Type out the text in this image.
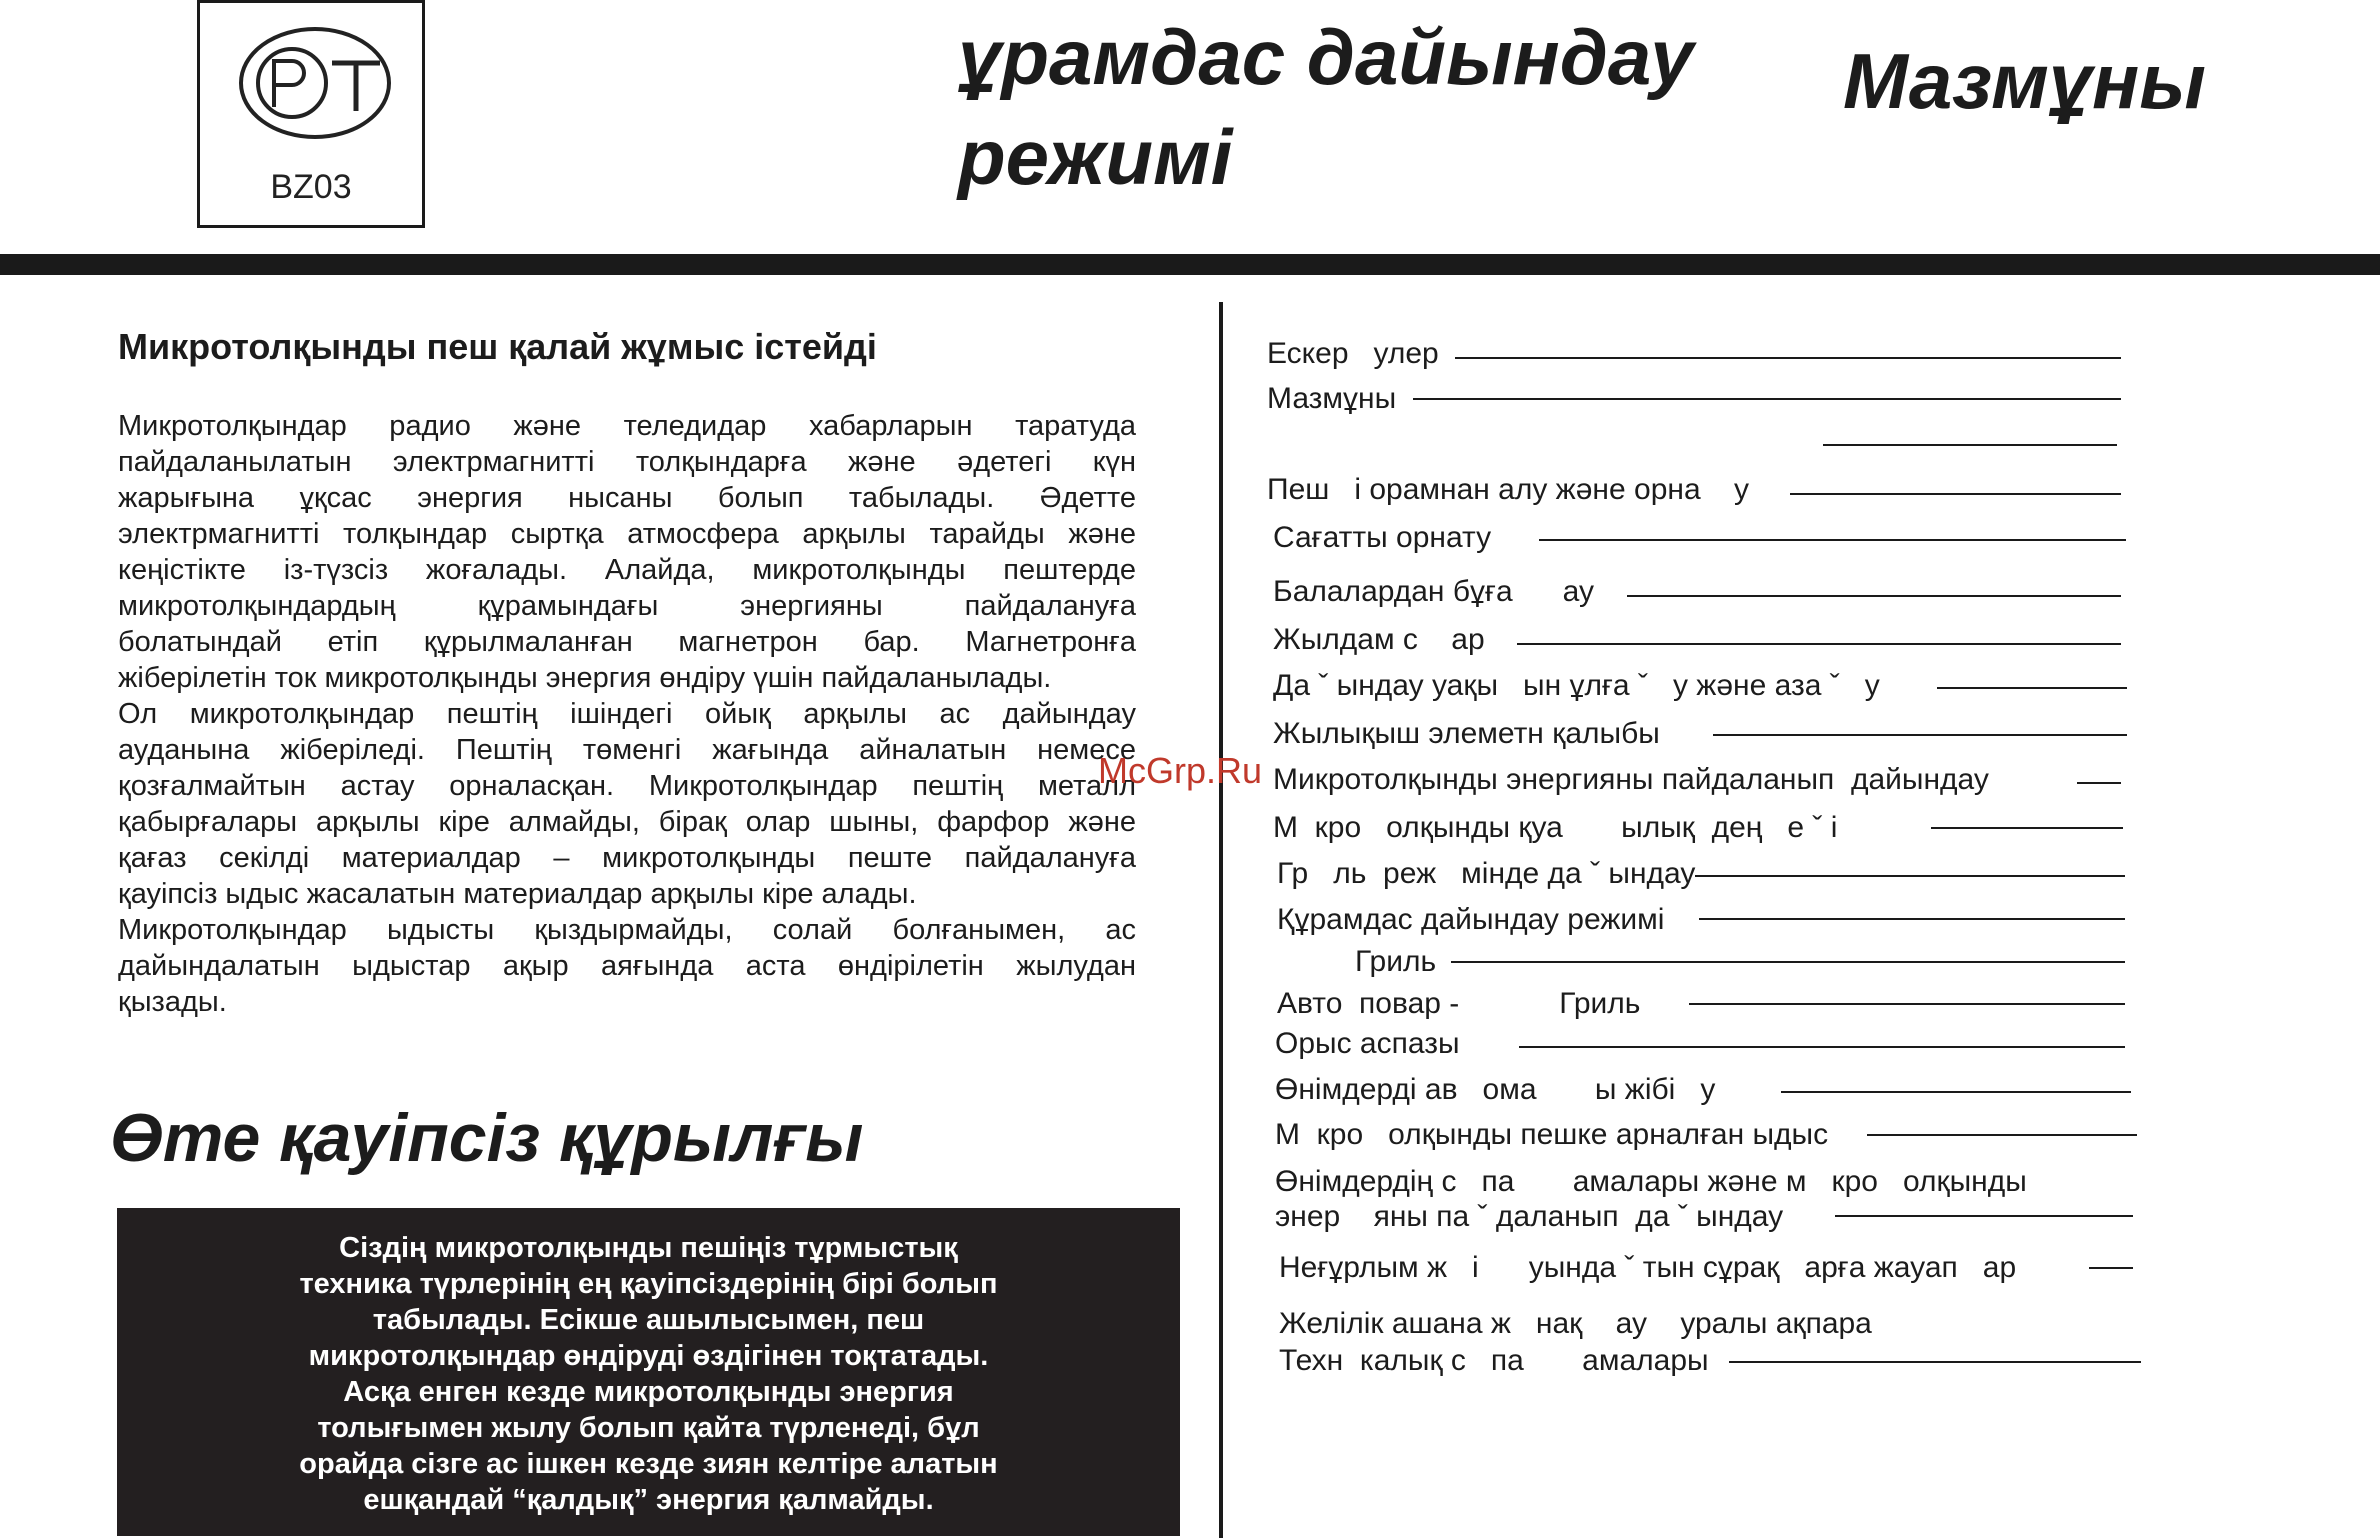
BZ03
ұрамдас дайындау
режимі
Мазмұны
Микротолқынды пеш қалай жұмыс істейді
Микротолқындар радио және теледидар хабарларын таратуда
пайдаланылатын электрмагнитті толқындарға және әдетегі күн
жарығына ұқсас энергия нысаны болып табылады. Әдетте
электрмагнитті толқындар сыртқа атмосфера арқылы тарайды және
кеңістікте із-түзсіз жоғалады. Алайда, микротолқынды пештерде
микротолқындардың құрамындағы энергияны пайдалануға
болатындай етіп құрылмаланған магнетрон бар. Магнетронға
жіберілетін ток микротолқынды энергия өндіру үшін пайдаланылады.
Ол микротолқындар пештің ішіндегі ойық арқылы ас дайындау
ауданына жіберіледі. Пештің төменгі жағында айналатын немесе
қозғалмайтын астау орналасқан. Микротолқындар пештің металл
қабырғалары арқылы кіре алмайды, бірақ олар шыны, фарфор және
қағаз секілді материалдар – микротолқынды пеште пайдалануға
қауіпсіз ыдыс жасалатын материалдар арқылы кіре алады.
Микротолқындар ыдысты қыздырмайды, солай болғанымен, ас
дайындалатын ыдыстар ақыр аяғында аста өндірілетін жылудан
қызады.
Өте қауіпсіз құрылғы
Сіздің микротолқынды пешіңіз тұрмыстық
техника түрлерінің ең қауіпсіздерінің бірі болып
табылады. Есікше ашылысымен, пеш
микротолқындар өндіруді өздігінен тоқтатады.
Асқа енген кезде микротолқынды энергия
толығымен жылу болып қайта түрленеді, бұл
орайда сізге ас ішкен кезде зиян келтіре алатын
ешқандай “қалдық” энергия қалмайды.
Ескер   улер
Мазмұны
Пеш   і орамнан алу және орна    у
Сағатты орнату
Балалардан бұға      ау
Жылдам с    ар
Да ˇ ындау уақы   ын ұлға ˇ   у және аза ˇ   у
Жылықыш элеметн қалыбы
Микротолқынды энергияны пайдаланып  дайындау
М  кро   олқынды қуа       ылық  дең   е ˇ і
Гр   ль  реж   мінде да ˇ ындау
Құрамдас дайындау режимі
Гриль
Авто  повар -            Гриль
Орыс аспазы
Өнімдерді ав   ома       ы жібі   у
М  кро   олқынды пешке арналған ыдыс
Өнімдердің с   па       амалары және м   кро   олқынды
энер    яны па ˇ даланып  да ˇ ындау
Неғұрлым ж   і      уында ˇ тын сұрақ   арға жауап   ар
Желілік ашана ж   нақ    ау    уралы ақпара
Техн  калық с   па       амалары
McGrp.Ru
